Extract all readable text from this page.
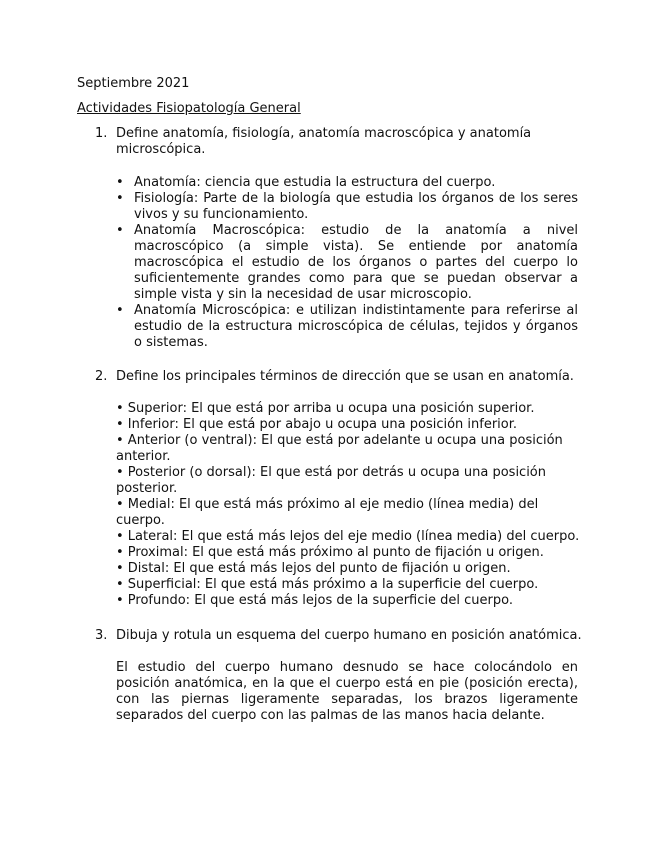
Septiembre 2021
Actividades Fisiopatología General
1. Define anatomía, fisiología, anatomía macroscópica y anatomía
microscópica.
• Anatomía: ciencia que estudia la estructura del cuerpo.
• Fisiología: Parte de la biología que estudia los órganos de los seres vivos y su funcionamiento.
• Anatomía Macroscópica: estudio de la anatomía a nivel macroscópico (a simple vista). Se entiende por anatomía macroscópica el estudio de los órganos o partes del cuerpo lo suficientemente grandes como para que se puedan observar a simple vista y sin la necesidad de usar microscopio.
• Anatomía Microscópica: e utilizan indistintamente para referirse al estudio de la estructura microscópica de células, tejidos y órganos o sistemas.
2. Define los principales términos de dirección que se usan en anatomía.
• Superior: El que está por arriba u ocupa una posición superior.
• Inferior: El que está por abajo u ocupa una posición inferior.
• Anterior (o ventral): El que está por adelante u ocupa una posición
anterior.
• Posterior (o dorsal): El que está por detrás u ocupa una posición
posterior.
• Medial: El que está más próximo al eje medio (línea media) del
cuerpo.
• Lateral: El que está más lejos del eje medio (línea media) del cuerpo.
• Proximal: El que está más próximo al punto de fijación u origen.
• Distal: El que está más lejos del punto de fijación u origen.
• Superficial: El que está más próximo a la superficie del cuerpo.
• Profundo: El que está más lejos de la superficie del cuerpo.
3. Dibuja y rotula un esquema del cuerpo humano en posición anatómica.

El estudio del cuerpo humano desnudo se hace colocándolo en posición anatómica, en la que el cuerpo está en pie (posición erecta), con las piernas ligeramente separadas, los brazos ligeramente separados del cuerpo con las palmas de las manos hacia delante.
